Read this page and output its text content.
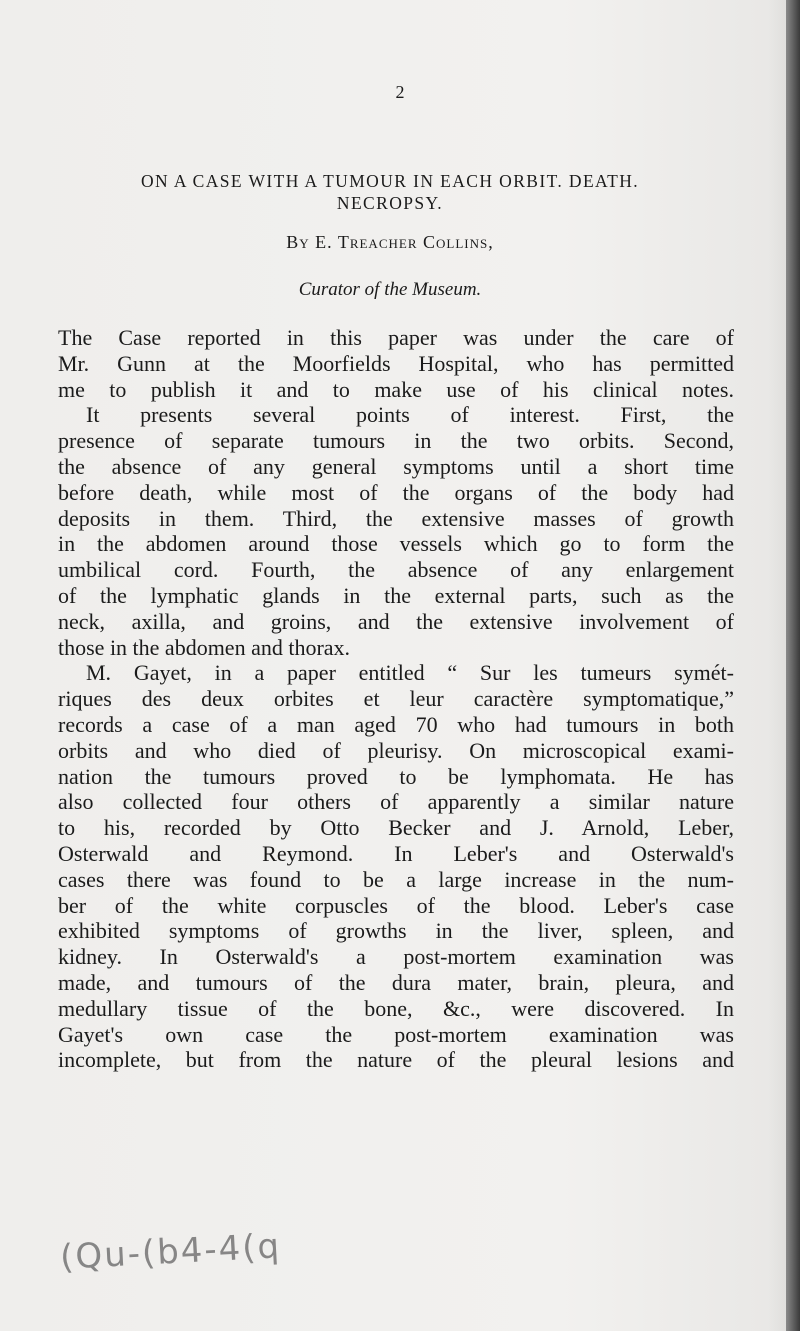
2
ON A CASE WITH A TUMOUR IN EACH ORBIT. DEATH.
NECROPSY.
By E. Treacher Collins,
Curator of the Museum.
The Case reported in this paper was under the care of
Mr. Gunn at the Moorfields Hospital, who has permitted
me to publish it and to make use of his clinical notes.
It presents several points of interest. First, the
presence of separate tumours in the two orbits. Second,
the absence of any general symptoms until a short time
before death, while most of the organs of the body had
deposits in them. Third, the extensive masses of growth
in the abdomen around those vessels which go to form the
umbilical cord. Fourth, the absence of any enlargement
of the lymphatic glands in the external parts, such as the
neck, axilla, and groins, and the extensive involvement of
those in the abdomen and thorax.
M. Gayet, in a paper entitled “ Sur les tumeurs symét-
riques des deux orbites et leur caractère symptomatique,”
records a case of a man aged 70 who had tumours in both
orbits and who died of pleurisy. On microscopical exami-
nation the tumours proved to be lymphomata. He has
also collected four others of apparently a similar nature
to his, recorded by Otto Becker and J. Arnold, Leber,
Osterwald and Reymond. In Leber's and Osterwald's
cases there was found to be a large increase in the num-
ber of the white corpuscles of the blood. Leber's case
exhibited symptoms of growths in the liver, spleen, and
kidney. In Osterwald's a post-mortem examination was
made, and tumours of the dura mater, brain, pleura, and
medullary tissue of the bone, &c., were discovered. In
Gayet's own case the post-mortem examination was
incomplete, but from the nature of the pleural lesions and
(Qu-(b4-4(q
